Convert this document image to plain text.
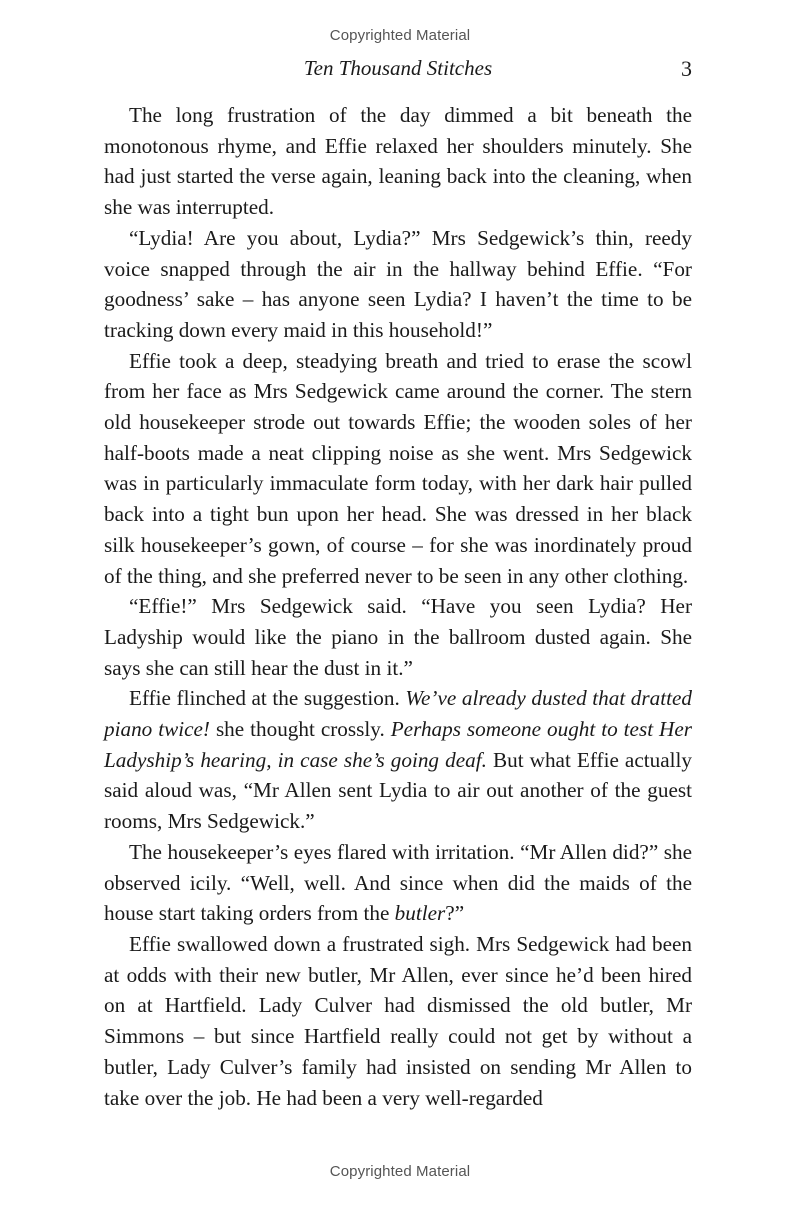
Copyrighted Material
Ten Thousand Stitches	3

The long frustration of the day dimmed a bit beneath the monotonous rhyme, and Effie relaxed her shoulders minutely. She had just started the verse again, leaning back into the cleaning, when she was interrupted.

“Lydia! Are you about, Lydia?” Mrs Sedgewick’s thin, reedy voice snapped through the air in the hallway behind Effie. “For goodness’ sake – has anyone seen Lydia? I haven’t the time to be tracking down every maid in this household!”

Effie took a deep, steadying breath and tried to erase the scowl from her face as Mrs Sedgewick came around the corner. The stern old housekeeper strode out towards Effie; the wooden soles of her half-boots made a neat clipping noise as she went. Mrs Sedgewick was in particularly immaculate form today, with her dark hair pulled back into a tight bun upon her head. She was dressed in her black silk housekeeper’s gown, of course – for she was inordinately proud of the thing, and she preferred never to be seen in any other clothing.

“Effie!” Mrs Sedgewick said. “Have you seen Lydia? Her Ladyship would like the piano in the ballroom dusted again. She says she can still hear the dust in it.”

Effie flinched at the suggestion. We’ve already dusted that dratted piano twice! she thought crossly. Perhaps someone ought to test Her Ladyship’s hearing, in case she’s going deaf. But what Effie actually said aloud was, “Mr Allen sent Lydia to air out another of the guest rooms, Mrs Sedgewick.”

The housekeeper’s eyes flared with irritation. “Mr Allen did?” she observed icily. “Well, well. And since when did the maids of the house start taking orders from the butler?”

Effie swallowed down a frustrated sigh. Mrs Sedgewick had been at odds with their new butler, Mr Allen, ever since he’d been hired on at Hartfield. Lady Culver had dismissed the old butler, Mr Simmons – but since Hartfield really could not get by without a butler, Lady Culver’s family had insisted on sending Mr Allen to take over the job. He had been a very well-regarded

Copyrighted Material
